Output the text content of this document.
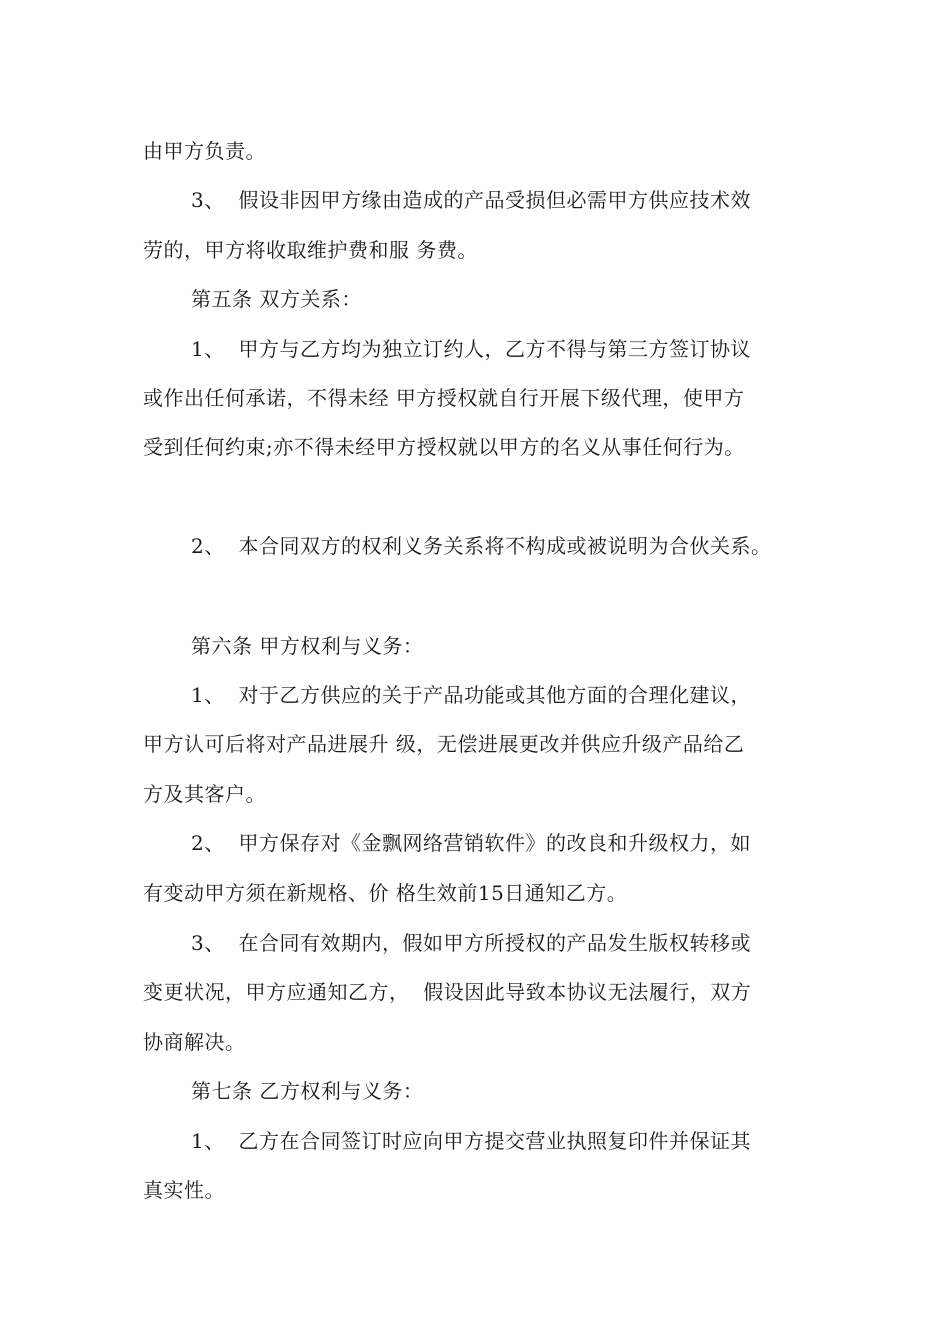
由甲方负责。
3、  假设非因甲方缘由造成的产品受损但必需甲方供应技术效
劳的，甲方将收取维护费和服 务费。
第五条 双方关系：
1、  甲方与乙方均为独立订约人，乙方不得与第三方签订协议
或作出任何承诺，不得未经 甲方授权就自行开展下级代理，使甲方
受到任何约束;亦不得未经甲方授权就以甲方的名义从事任何行为。
2、  本合同双方的权利义务关系将不构成或被说明为合伙关系。
第六条 甲方权利与义务：
1、  对于乙方供应的关于产品功能或其他方面的合理化建议，
甲方认可后将对产品进展升 级，无偿进展更改并供应升级产品给乙
方及其客户。
2、  甲方保存对《金飘网络营销软件》的改良和升级权力，如
有变动甲方须在新规格、价 格生效前15日通知乙方。
3、  在合同有效期内，假如甲方所授权的产品发生版权转移或
变更状况，甲方应通知乙方，  假设因此导致本协议无法履行，双方
协商解决。
第七条 乙方权利与义务：
1、  乙方在合同签订时应向甲方提交营业执照复印件并保证其
真实性。
